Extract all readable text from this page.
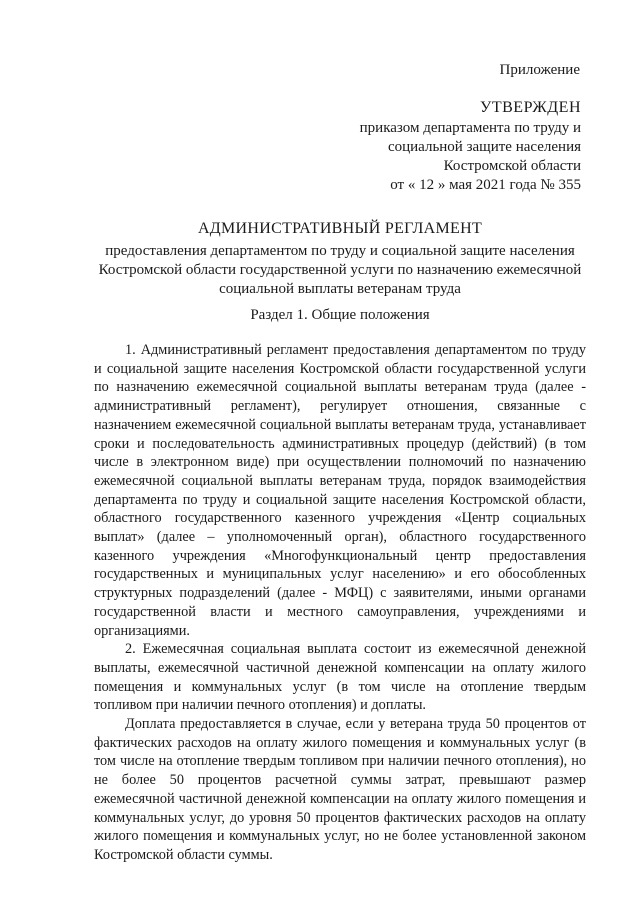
Приложение
УТВЕРЖДЕН
приказом департамента по труду и
социальной защите населения
Костромской области
от « 12 » мая 2021 года № 355
АДМИНИСТРАТИВНЫЙ РЕГЛАМЕНТ
предоставления департаментом по труду и социальной защите населения
Костромской области государственной услуги по назначению ежемесячной
социальной выплаты ветеранам труда
Раздел 1. Общие положения

1. Административный регламент предоставления департаментом по труду и социальной защите населения Костромской области государственной услуги по назначению ежемесячной социальной выплаты ветеранам труда (далее - административный регламент), регулирует отношения, связанные с назначением ежемесячной социальной выплаты ветеранам труда, устанавливает сроки и последовательность административных процедур (действий) (в том числе в электронном виде) при осуществлении полномочий по назначению ежемесячной социальной выплаты ветеранам труда, порядок взаимодействия департамента по труду и социальной защите населения Костромской области, областного государственного казенного учреждения «Центр социальных выплат» (далее – уполномоченный орган), областного государственного казенного учреждения «Многофункциональный центр предоставления государственных и муниципальных услуг населению» и его обособленных структурных подразделений (далее - МФЦ) с заявителями, иными органами государственной власти и местного самоуправления, учреждениями и организациями.

2. Ежемесячная социальная выплата состоит из ежемесячной денежной выплаты, ежемесячной частичной денежной компенсации на оплату жилого помещения и коммунальных услуг (в том числе на отопление твердым топливом при наличии печного отопления) и доплаты.

Доплата предоставляется в случае, если у ветерана труда 50 процентов от фактических расходов на оплату жилого помещения и коммунальных услуг (в том числе на отопление твердым топливом при наличии печного отопления), но не более 50 процентов расчетной суммы затрат, превышают размер ежемесячной частичной денежной компенсации на оплату жилого помещения и коммунальных услуг, до уровня 50 процентов фактических расходов на оплату жилого помещения и коммунальных услуг, но не более установленной законом Костромской области суммы.
